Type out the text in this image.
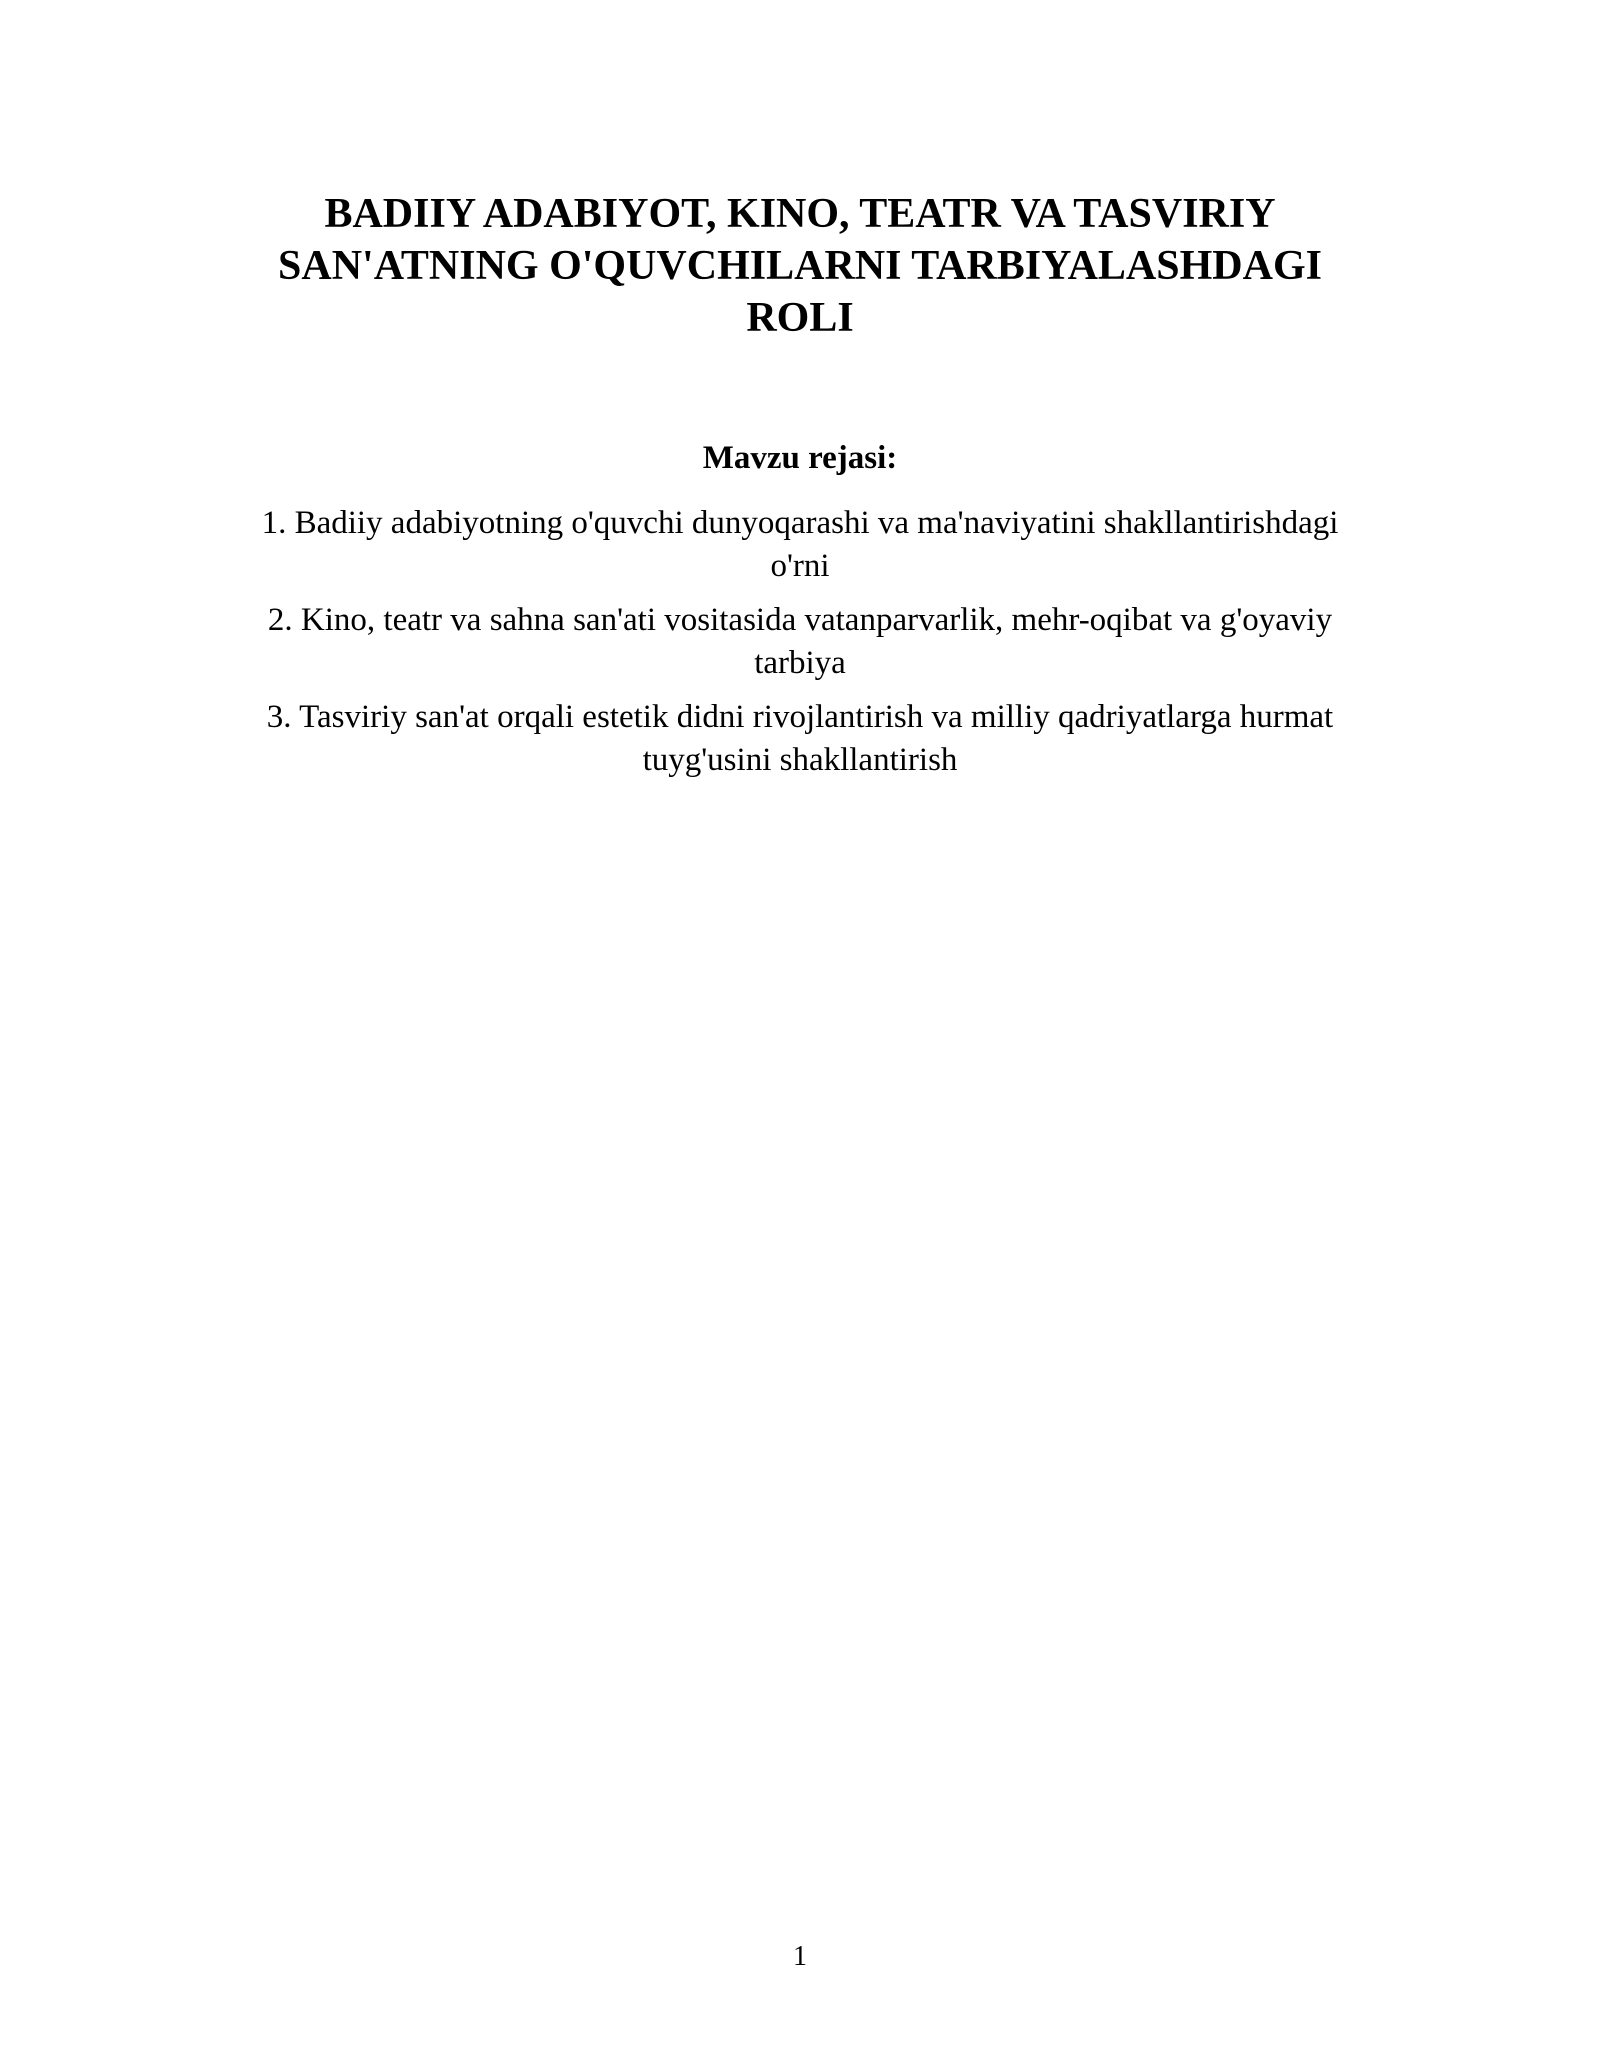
BADIIY ADABIYOT, KINO, TEATR VA TASVIRIY
SAN'ATNING O'QUVCHILARNI TARBIYALASHDAGI
ROLI
Mavzu rejasi:
1. Badiiy adabiyotning o'quvchi dunyoqarashi va ma'naviyatini shakllantirishdagi
o'rni
2. Kino, teatr va sahna san'ati vositasida vatanparvarlik, mehr-oqibat va g'oyaviy
tarbiya
3. Tasviriy san'at orqali estetik didni rivojlantirish va milliy qadriyatlarga hurmat
tuyg'usini shakllantirish
1
